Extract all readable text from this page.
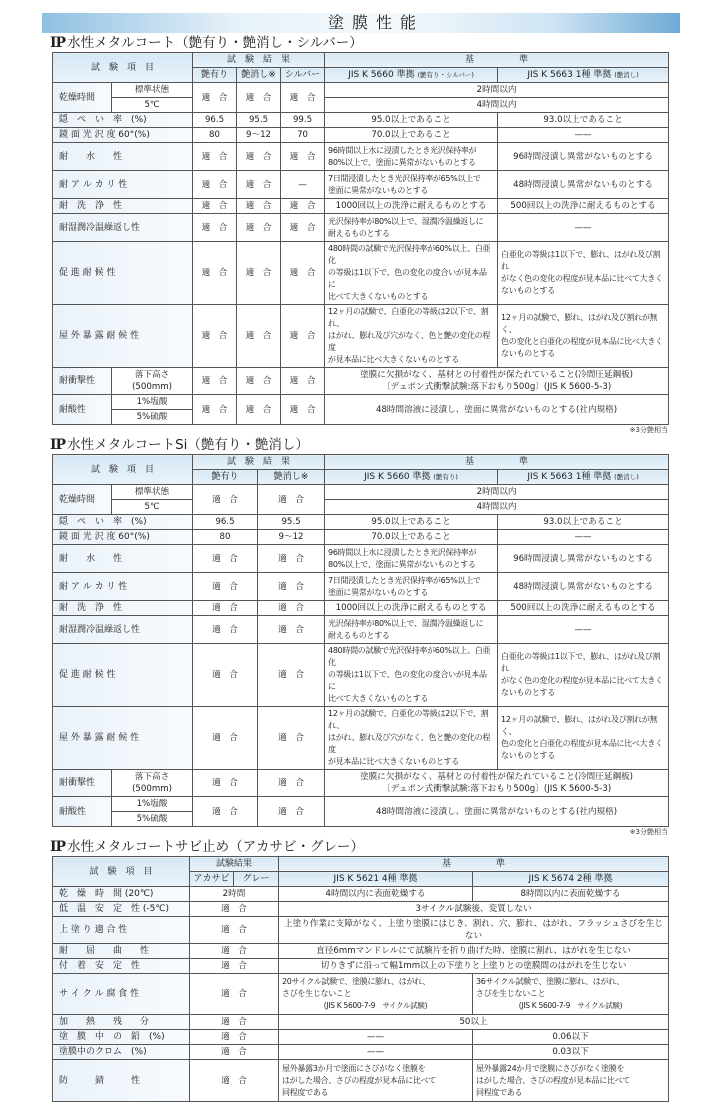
塗膜性能
IP 水性メタルコート（艶有り・艶消し・シルバー）
試　験　項　目		試　験　結　果			基　　　　　準	
		艶有り	艶消し※	シルバー	JIS K 5660 準拠 (艶有り・シルバー)	JIS K 5663 1種 準拠 (艶消し)
乾燥時間	標準状態	適　合	適　合	適　合	2時間以内	
	5℃				4時間以内	
隠　ぺ　い　率　(%)		96.5	95.5	99.5	95.0以上であること	93.0以上であること
鏡 面 光 沢 度 60°(%)		80	9～12	70	70.0以上であること	——
耐　　水　　性		適　合	適　合	適　合	96時間以上水に浸漬したとき光沢保持率が
80%以上で、塗面に異常がないものとする	96時間浸漬し異常がないものとする
耐 ア ル カ リ 性		適　合	適　合	—	7日間浸漬したとき光沢保持率が65%以上で
塗面に異常がないものとする	48時間浸漬し異常がないものとする
耐　洗　浄　性		適　合	適　合	適　合	1000回以上の洗浄に耐えるものとする	500回以上の洗浄に耐えるものとする
耐湿潤冷温繰返し性		適　合	適　合	適　合	光沢保持率が80%以上で、湿潤冷温繰返しに
耐えるものとする	——
促 進 耐 候 性		適　合	適　合	適　合	480時間の試験で光沢保持率が60%以上、白亜化
の等級は1以下で、色の変化の度合いが見本品に
比べて大きくないものとする	白亜化の等級は1以下で、膨れ、はがれ及び割れ
がなく色の変化の程度が見本品に比べて大きく
ないものとする
屋 外 暴 露 耐 候 性		適　合	適　合	適　合	12ヶ月の試験で、白亜化の等級は2以下で、割れ、
はがれ、膨れ及び穴がなく、色と艶の変化の程度
が見本品に比べ大きくないものとする	12ヶ月の試験で、膨れ、はがれ及び割れが無く、
色の変化と白亜化の程度が見本品に比べ大きく
ないものとする
耐衝撃性	落下高さ
(500mm)	適　合	適　合	適　合	塗膜に欠損がなく、基材との付着性が保たれていること(冷間圧延鋼板)
〔デュポン式衝撃試験:落下おもり500g〕(JIS K 5600-5-3)	
耐酸性	1%塩酸	適　合	適　合	適　合	48時間溶液に浸漬し、塗面に異常がないものとする(社内規格)	
	5%硫酸					
※3分艶相当
IP 水性メタルコートSi（艶有り・艶消し）
試　験　項　目		試　験　結　果		基　　　　　準	
		艶有り	艶消し※	JIS K 5660 準拠 (艶有り)	JIS K 5663 1種 準拠 (艶消し)
乾燥時間	標準状態	適　合	適　合	2時間以内	
	5℃			4時間以内	
隠　ぺ　い　率　(%)		96.5	95.5	95.0以上であること	93.0以上であること
鏡 面 光 沢 度 60°(%)		80	9～12	70.0以上であること	——
耐　　水　　性		適　合	適　合	96時間以上水に浸漬したとき光沢保持率が
80%以上で、塗面に異常がないものとする	96時間浸漬し異常がないものとする
耐 ア ル カ リ 性		適　合	適　合	7日間浸漬したとき光沢保持率が65%以上で
塗面に異常がないものとする	48時間浸漬し異常がないものとする
耐　洗　浄　性		適　合	適　合	1000回以上の洗浄に耐えるものとする	500回以上の洗浄に耐えるものとする
耐湿潤冷温繰返し性		適　合	適　合	光沢保持率が80%以上で、湿潤冷温繰返しに
耐えるものとする	——
促 進 耐 候 性		適　合	適　合	480時間の試験で光沢保持率が60%以上、白亜化
の等級は1以下で、色の変化の度合いが見本品に
比べて大きくないものとする	白亜化の等級は1以下で、膨れ、はがれ及び割れ
がなく色の変化の程度が見本品に比べて大きく
ないものとする
屋 外 暴 露 耐 候 性		適　合	適　合	12ヶ月の試験で、白亜化の等級は2以下で、割れ、
はがれ、膨れ及び穴がなく、色と艶の変化の程度
が見本品に比べ大きくないものとする	12ヶ月の試験で、膨れ、はがれ及び割れが無く、
色の変化と白亜化の程度が見本品に比べ大きく
ないものとする
耐衝撃性	落下高さ
(500mm)	適　合	適　合	塗膜に欠損がなく、基材との付着性が保たれていること(冷間圧延鋼板)
〔デュポン式衝撃試験:落下おもり500g〕(JIS K 5600-5-3)	
耐酸性	1%塩酸	適　合	適　合	48時間溶液に浸漬し、塗面に異常がないものとする(社内規格)	
	5%硫酸				
※3分艶相当
IP 水性メタルコートサビ止め（アカサビ・グレー）
試　験　項　目	試験結果		基　　　　　準	
	アカサビ	グレー	JIS K 5621 4種 準拠	JIS K 5674 2種 準拠
乾　燥　時　間 (20℃)	2時間		4時間以内に表面乾燥する	8時間以内に表面乾燥する
低　温　安　定　性 (-5℃)	適　合		3サイクル試験後、変質しない	
上 塗 り 適 合 性	適　合		上塗り作業に支障がなく、上塗り塗膜にはじき、割れ、穴、膨れ、はがれ、フラッシュさびを生じない	
耐　　屈　　曲　　性	適　合		直径6mmマンドレルにて試験片を折り曲げた時、塗膜に割れ、はがれを生じない	
付　着　安　定　性	適　合		切りきずに沿って幅1mm以上の下塗りと上塗りとの塗膜間のはがれを生じない	
サ イ ク ル 腐 食 性	適　合		20サイクル試験で、塗膜に膨れ、はがれ、
さびを生じないこと
(JIS K 5600-7-9　サイクル試験)	36サイクル試験で、塗膜に膨れ、はがれ、
さびを生じないこと
(JIS K 5600-7-9　サイクル試験)

加　　熱　　残　　分	適　合		50以上	
塗　膜　中　の　鉛　(%)	適　合		——	0.06以下
塗膜中のクロム　(%)	適　合		——	0.03以下
防　　　錆　　　性	適　合		屋外暴露3か月で塗面にさびがなく塗膜を
はがした場合、さびの程度が見本品に比べて
同程度である	屋外暴露24か月で塗膜にさびがなく塗膜を
はがした場合、さびの程度が見本品に比べて
同程度である
